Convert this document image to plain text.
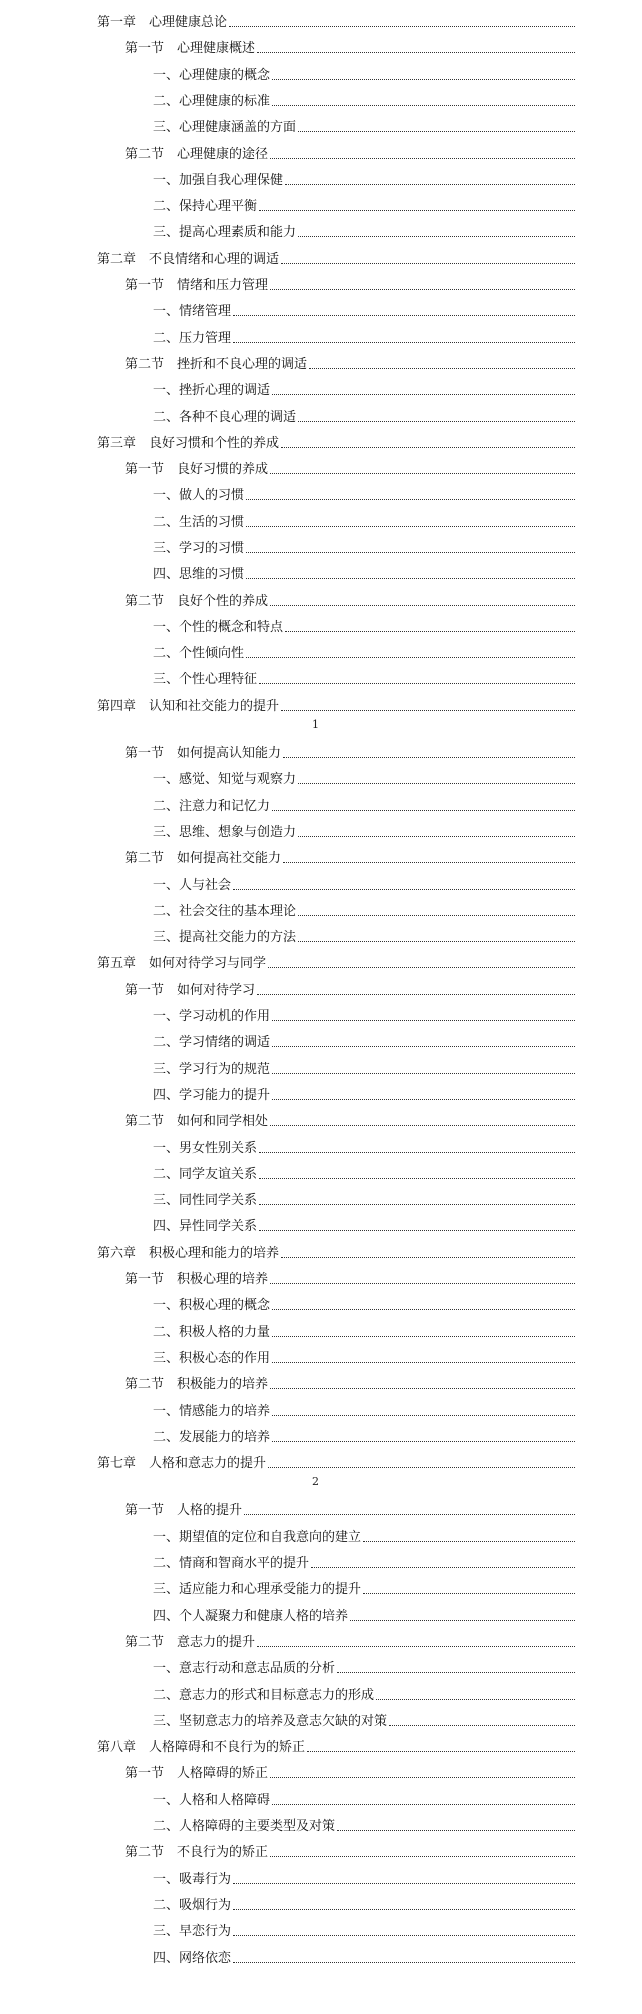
第一章　心理健康总论
第一节　心理健康概述
一、心理健康的概念
二、心理健康的标准
三、心理健康涵盖的方面
第二节　心理健康的途径
一、加强自我心理保健
二、保持心理平衡
三、提高心理素质和能力
第二章　不良情绪和心理的调适
第一节　情绪和压力管理
一、情绪管理
二、压力管理
第二节　挫折和不良心理的调适
一、挫折心理的调适
二、各种不良心理的调适
第三章　良好习惯和个性的养成
第一节　良好习惯的养成
一、做人的习惯
二、生活的习惯
三、学习的习惯
四、思维的习惯
第二节　良好个性的养成
一、个性的概念和特点
二、个性倾向性
三、个性心理特征
第四章　认知和社交能力的提升
1
第一节　如何提高认知能力
一、感觉、知觉与观察力
二、注意力和记忆力
三、思维、想象与创造力
第二节　如何提高社交能力
一、人与社会
二、社会交往的基本理论
三、提高社交能力的方法
第五章　如何对待学习与同学
第一节　如何对待学习
一、学习动机的作用
二、学习情绪的调适
三、学习行为的规范
四、学习能力的提升
第二节　如何和同学相处
一、男女性别关系
二、同学友谊关系
三、同性同学关系
四、异性同学关系
第六章　积极心理和能力的培养
第一节　积极心理的培养
一、积极心理的概念
二、积极人格的力量
三、积极心态的作用
第二节　积极能力的培养
一、情感能力的培养
二、发展能力的培养
第七章　人格和意志力的提升
2
第一节　人格的提升
一、期望值的定位和自我意向的建立
二、情商和智商水平的提升
三、适应能力和心理承受能力的提升
四、个人凝聚力和健康人格的培养
第二节　意志力的提升
一、意志行动和意志品质的分析
二、意志力的形式和目标意志力的形成
三、坚韧意志力的培养及意志欠缺的对策
第八章　人格障碍和不良行为的矫正
第一节　人格障碍的矫正
一、人格和人格障碍
二、人格障碍的主要类型及对策
第二节　不良行为的矫正
一、吸毒行为
二、吸烟行为
三、早恋行为
四、网络依恋
